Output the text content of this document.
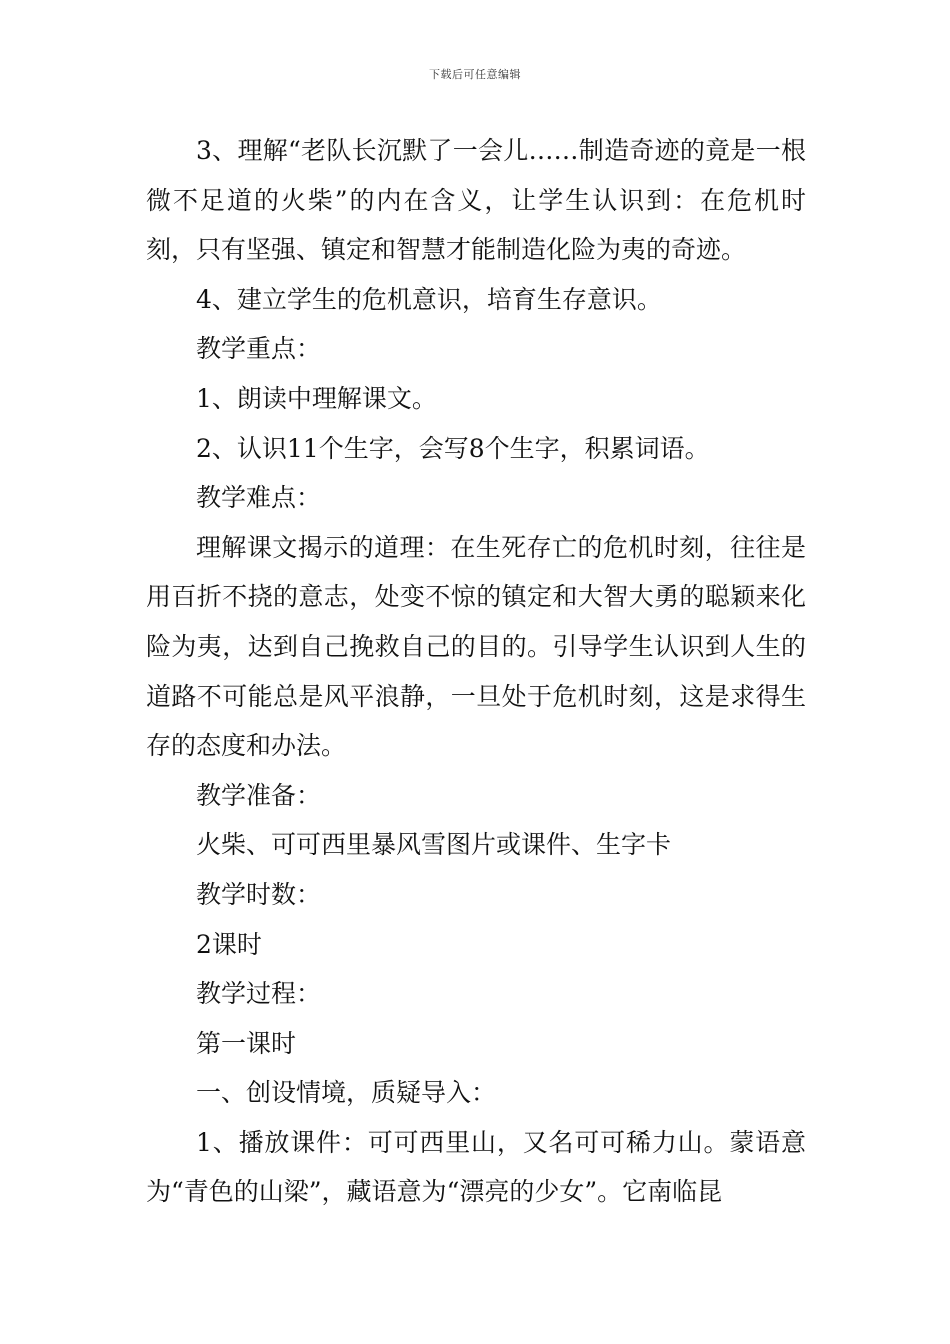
下载后可任意编辑

3、理解“老队长沉默了一会儿……制造奇迹的竟是一根微不足道的火柴”的内在含义，让学生认识到：在危机时刻，只有坚强、镇定和智慧才能制造化险为夷的奇迹。

4、建立学生的危机意识，培育生存意识。

教学重点：

1、朗读中理解课文。

2、认识11个生字，会写8个生字，积累词语。

教学难点：

理解课文揭示的道理：在生死存亡的危机时刻，往往是用百折不挠的意志，处变不惊的镇定和大智大勇的聪颖来化险为夷，达到自己挽救自己的目的。引导学生认识到人生的道路不可能总是风平浪静，一旦处于危机时刻，这是求得生存的态度和办法。

教学准备：

火柴、可可西里暴风雪图片或课件、生字卡

教学时数：

2课时

教学过程：

第一课时

一、创设情境，质疑导入：

1、播放课件：可可西里山，又名可可稀力山。蒙语意为“青色的山梁”，藏语意为“漂亮的少女”。它南临昆
